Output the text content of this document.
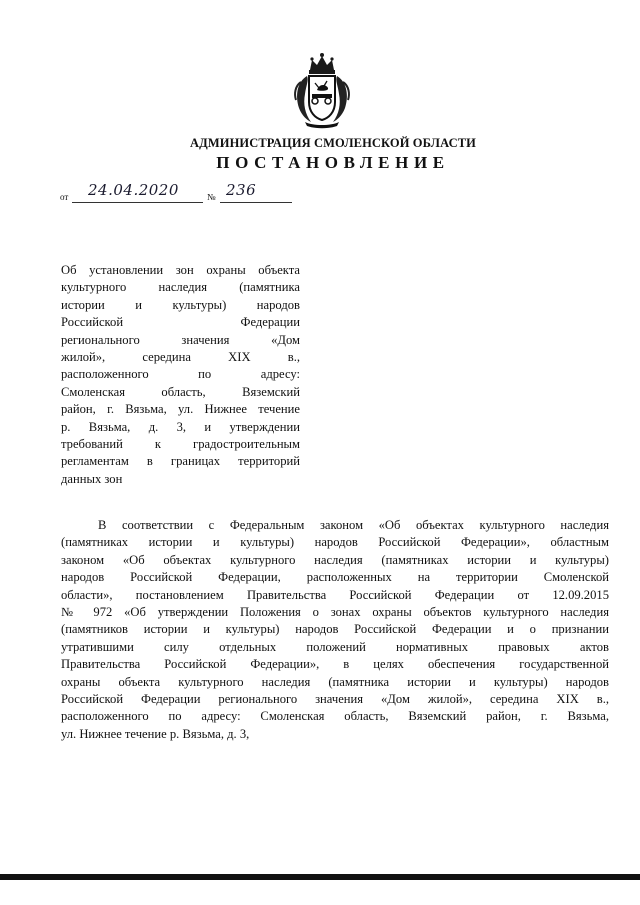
АДМИНИСТРАЦИЯ СМОЛЕНСКОЙ ОБЛАСТИ
ПОСТАНОВЛЕНИЕ
от 24.04.2020	№ 236
Об установлении зон охраны объекта
культурного наследия (памятника
истории и культуры) народов
Российской Федерации
регионального значения «Дом
жилой», середина XIX в.,
расположенного по адресу:
Смоленская область, Вяземский
район, г. Вязьма, ул. Нижнее течение
р. Вязьма, д. 3, и утверждении
требований к градостроительным
регламентам в границах территорий
данных зон
В соответствии с Федеральным законом «Об объектах культурного наследия
(памятниках истории и культуры) народов Российской Федерации», областным
законом «Об объектах культурного наследия (памятниках истории и культуры)
народов Российской Федерации, расположенных на территории Смоленской
области», постановлением Правительства Российской Федерации от 12.09.2015
№ 972 «Об утверждении Положения о зонах охраны объектов культурного наследия
(памятников истории и культуры) народов Российской Федерации и о признании
утратившими силу отдельных положений нормативных правовых актов
Правительства Российской Федерации», в целях обеспечения государственной
охраны объекта культурного наследия (памятника истории и культуры) народов
Российской Федерации регионального значения «Дом жилой», середина XIX в.,
расположенного по адресу: Смоленская область, Вяземский район, г. Вязьма,
ул. Нижнее течение р. Вязьма, д. 3,
